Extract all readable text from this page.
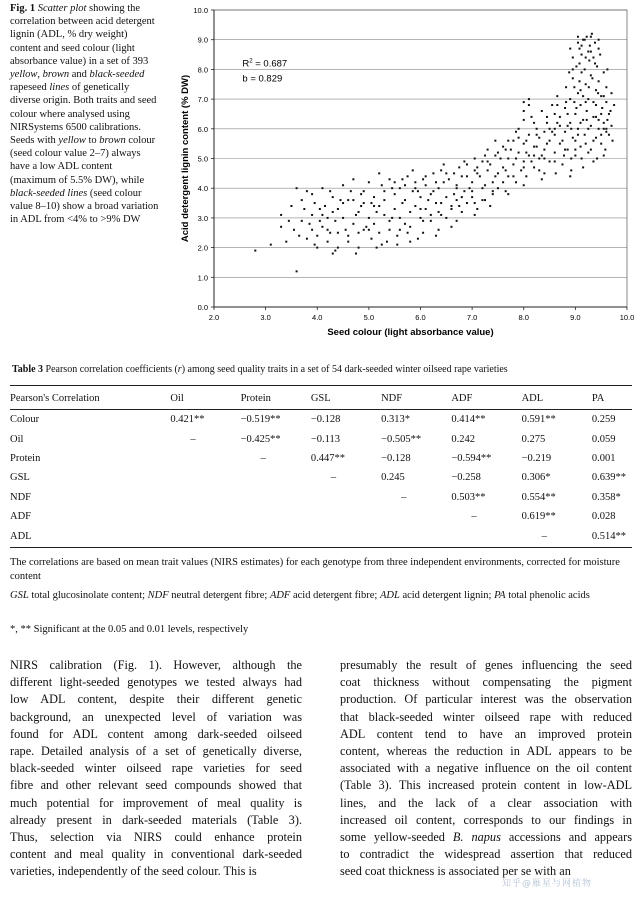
Fig. 1 Scatter plot showing the correlation between acid detergent lignin (ADL, % dry weight) content and seed colour (light absorbance value) in a set of 393 yellow, brown and black-seeded rapeseed lines of genetically diverse origin. Both traits and seed colour where analysed using NIRSystems 6500 calibrations. Seeds with yellow to brown colour (seed colour value 2–7) always have a low ADL content (maximum of 5.5% DW), while black-seeded lines (seed colour value 8–10) show a broad variation in ADL from <4% to >9% DW
0.0
1.0
2.0
3.0
4.0
5.0
6.0
7.0
8.0
9.0
10.0
2.0	3.0	4.0	5.0	6.0	7.0	8.0	9.0	10.0
Acid detergent lignin content (% DW)
Seed colour (light absorbance value)
$R^2 = 0.687$
b = 0.829
Table 3 Pearson correlation coefficients (r) among seed quality traits in a set of 54 dark-seeded winter oilseed rape varieties
Pearson's Correlation	Oil	Protein	GSL	NDF	ADF	ADL	PA
Colour	0.421**	−0.519**	−0.128	0.313*	0.414**	0.591**	0.259
Oil	–	−0.425**	−0.113	−0.505**	0.242	0.275	0.059
Protein		–	0.447**	−0.128	−0.594**	−0.219	0.001
GSL			–	0.245	−0.258	0.306*	0.639**
NDF				–	0.503**	0.554**	0.358*
ADF					–	0.619**	0.028
ADL						–	0.514**
The correlations are based on mean trait values (NIRS estimates) for each genotype from three independent environments, corrected for moisture content
GSL total glucosinolate content; NDF neutral detergent fibre; ADF acid detergent fibre; ADL acid detergent lignin; PA total phenolic acids
*, ** Significant at the 0.05 and 0.01 levels, respectively
NIRS calibration (Fig. 1). However, although the
different light-seeded genotypes we tested always had
low ADL content, despite their different genetic
background, an unexpected level of variation was
found for ADL content among dark-seeded oilseed
rape. Detailed analysis of a set of genetically diverse,
black-seeded winter oilseed rape varieties for seed
fibre and other relevant seed compounds showed that
much potential for improvement of meal quality is
already present in dark-seeded materials (Table 3).
Thus, selection via NIRS could enhance protein
content and meal quality in conventional dark-seeded
varieties, independently of the seed colour. This is
presumably the result of genes influencing the seed
coat thickness without compensating the pigment
production. Of particular interest was the observation
that black-seeded winter oilseed rape with reduced
ADL content tend to have an improved protein
content, whereas the reduction in ADL appears to be
associated with a negative influence on the oil content
(Table 3). This increased protein content in low-ADL
lines, and the lack of a clear association with
increased oil content, corresponds to our findings in
some yellow-seeded B. napus accessions and appears
to contradict the widespread assertion that reduced
seed coat thickness is associated per se with an
知乎@雁星与网植物
